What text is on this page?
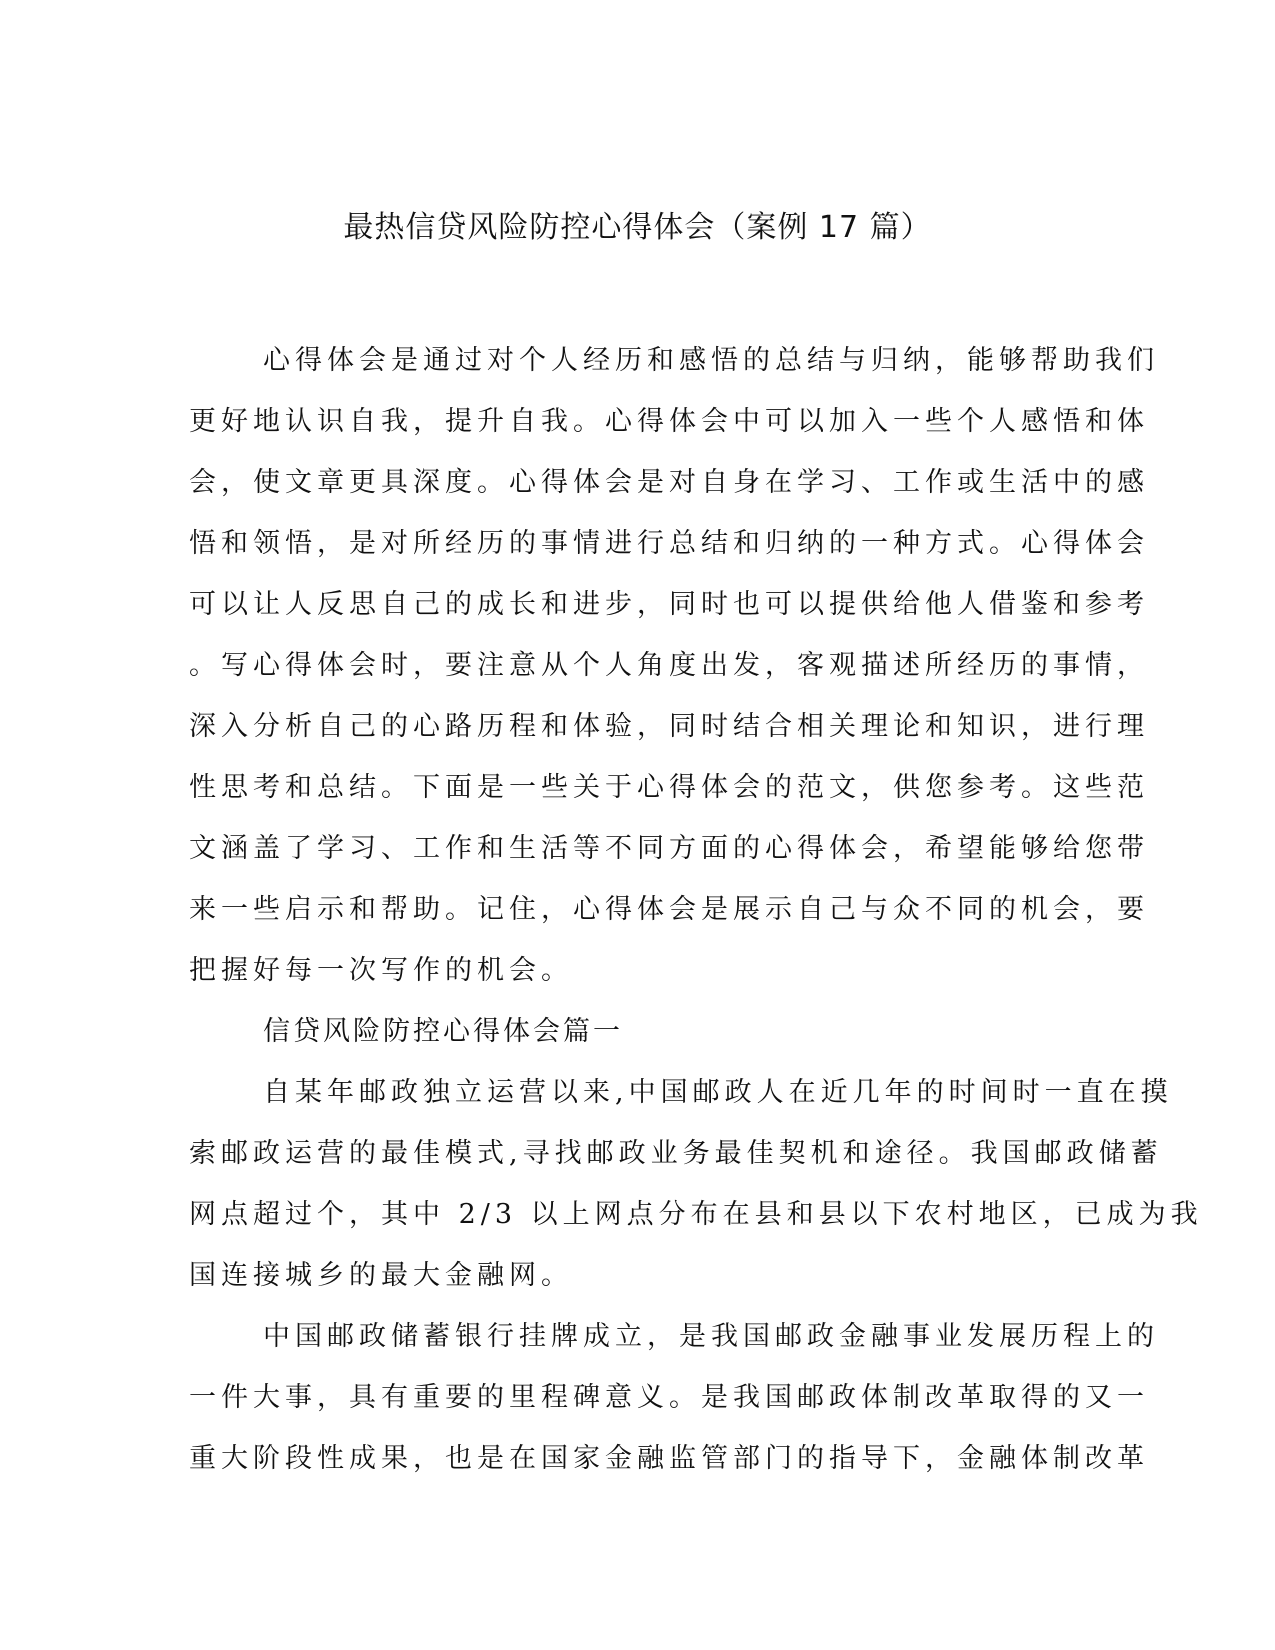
最热信贷风险防控心得体会（案例 17 篇）
心得体会是通过对个人经历和感悟的总结与归纳，能够帮助我们
更好地认识自我，提升自我。心得体会中可以加入一些个人感悟和体
会，使文章更具深度。心得体会是对自身在学习、工作或生活中的感
悟和领悟，是对所经历的事情进行总结和归纳的一种方式。心得体会
可以让人反思自己的成长和进步，同时也可以提供给他人借鉴和参考
。写心得体会时，要注意从个人角度出发，客观描述所经历的事情，
深入分析自己的心路历程和体验，同时结合相关理论和知识，进行理
性思考和总结。下面是一些关于心得体会的范文，供您参考。这些范
文涵盖了学习、工作和生活等不同方面的心得体会，希望能够给您带
来一些启示和帮助。记住，心得体会是展示自己与众不同的机会，要
把握好每一次写作的机会。
信贷风险防控心得体会篇一
自某年邮政独立运营以来,中国邮政人在近几年的时间时一直在摸
索邮政运营的最佳模式,寻找邮政业务最佳契机和途径。我国邮政储蓄
网点超过个，其中 2/3 以上网点分布在县和县以下农村地区，已成为我
国连接城乡的最大金融网。
中国邮政储蓄银行挂牌成立，是我国邮政金融事业发展历程上的
一件大事，具有重要的里程碑意义。是我国邮政体制改革取得的又一
重大阶段性成果，也是在国家金融监管部门的指导下，金融体制改革
